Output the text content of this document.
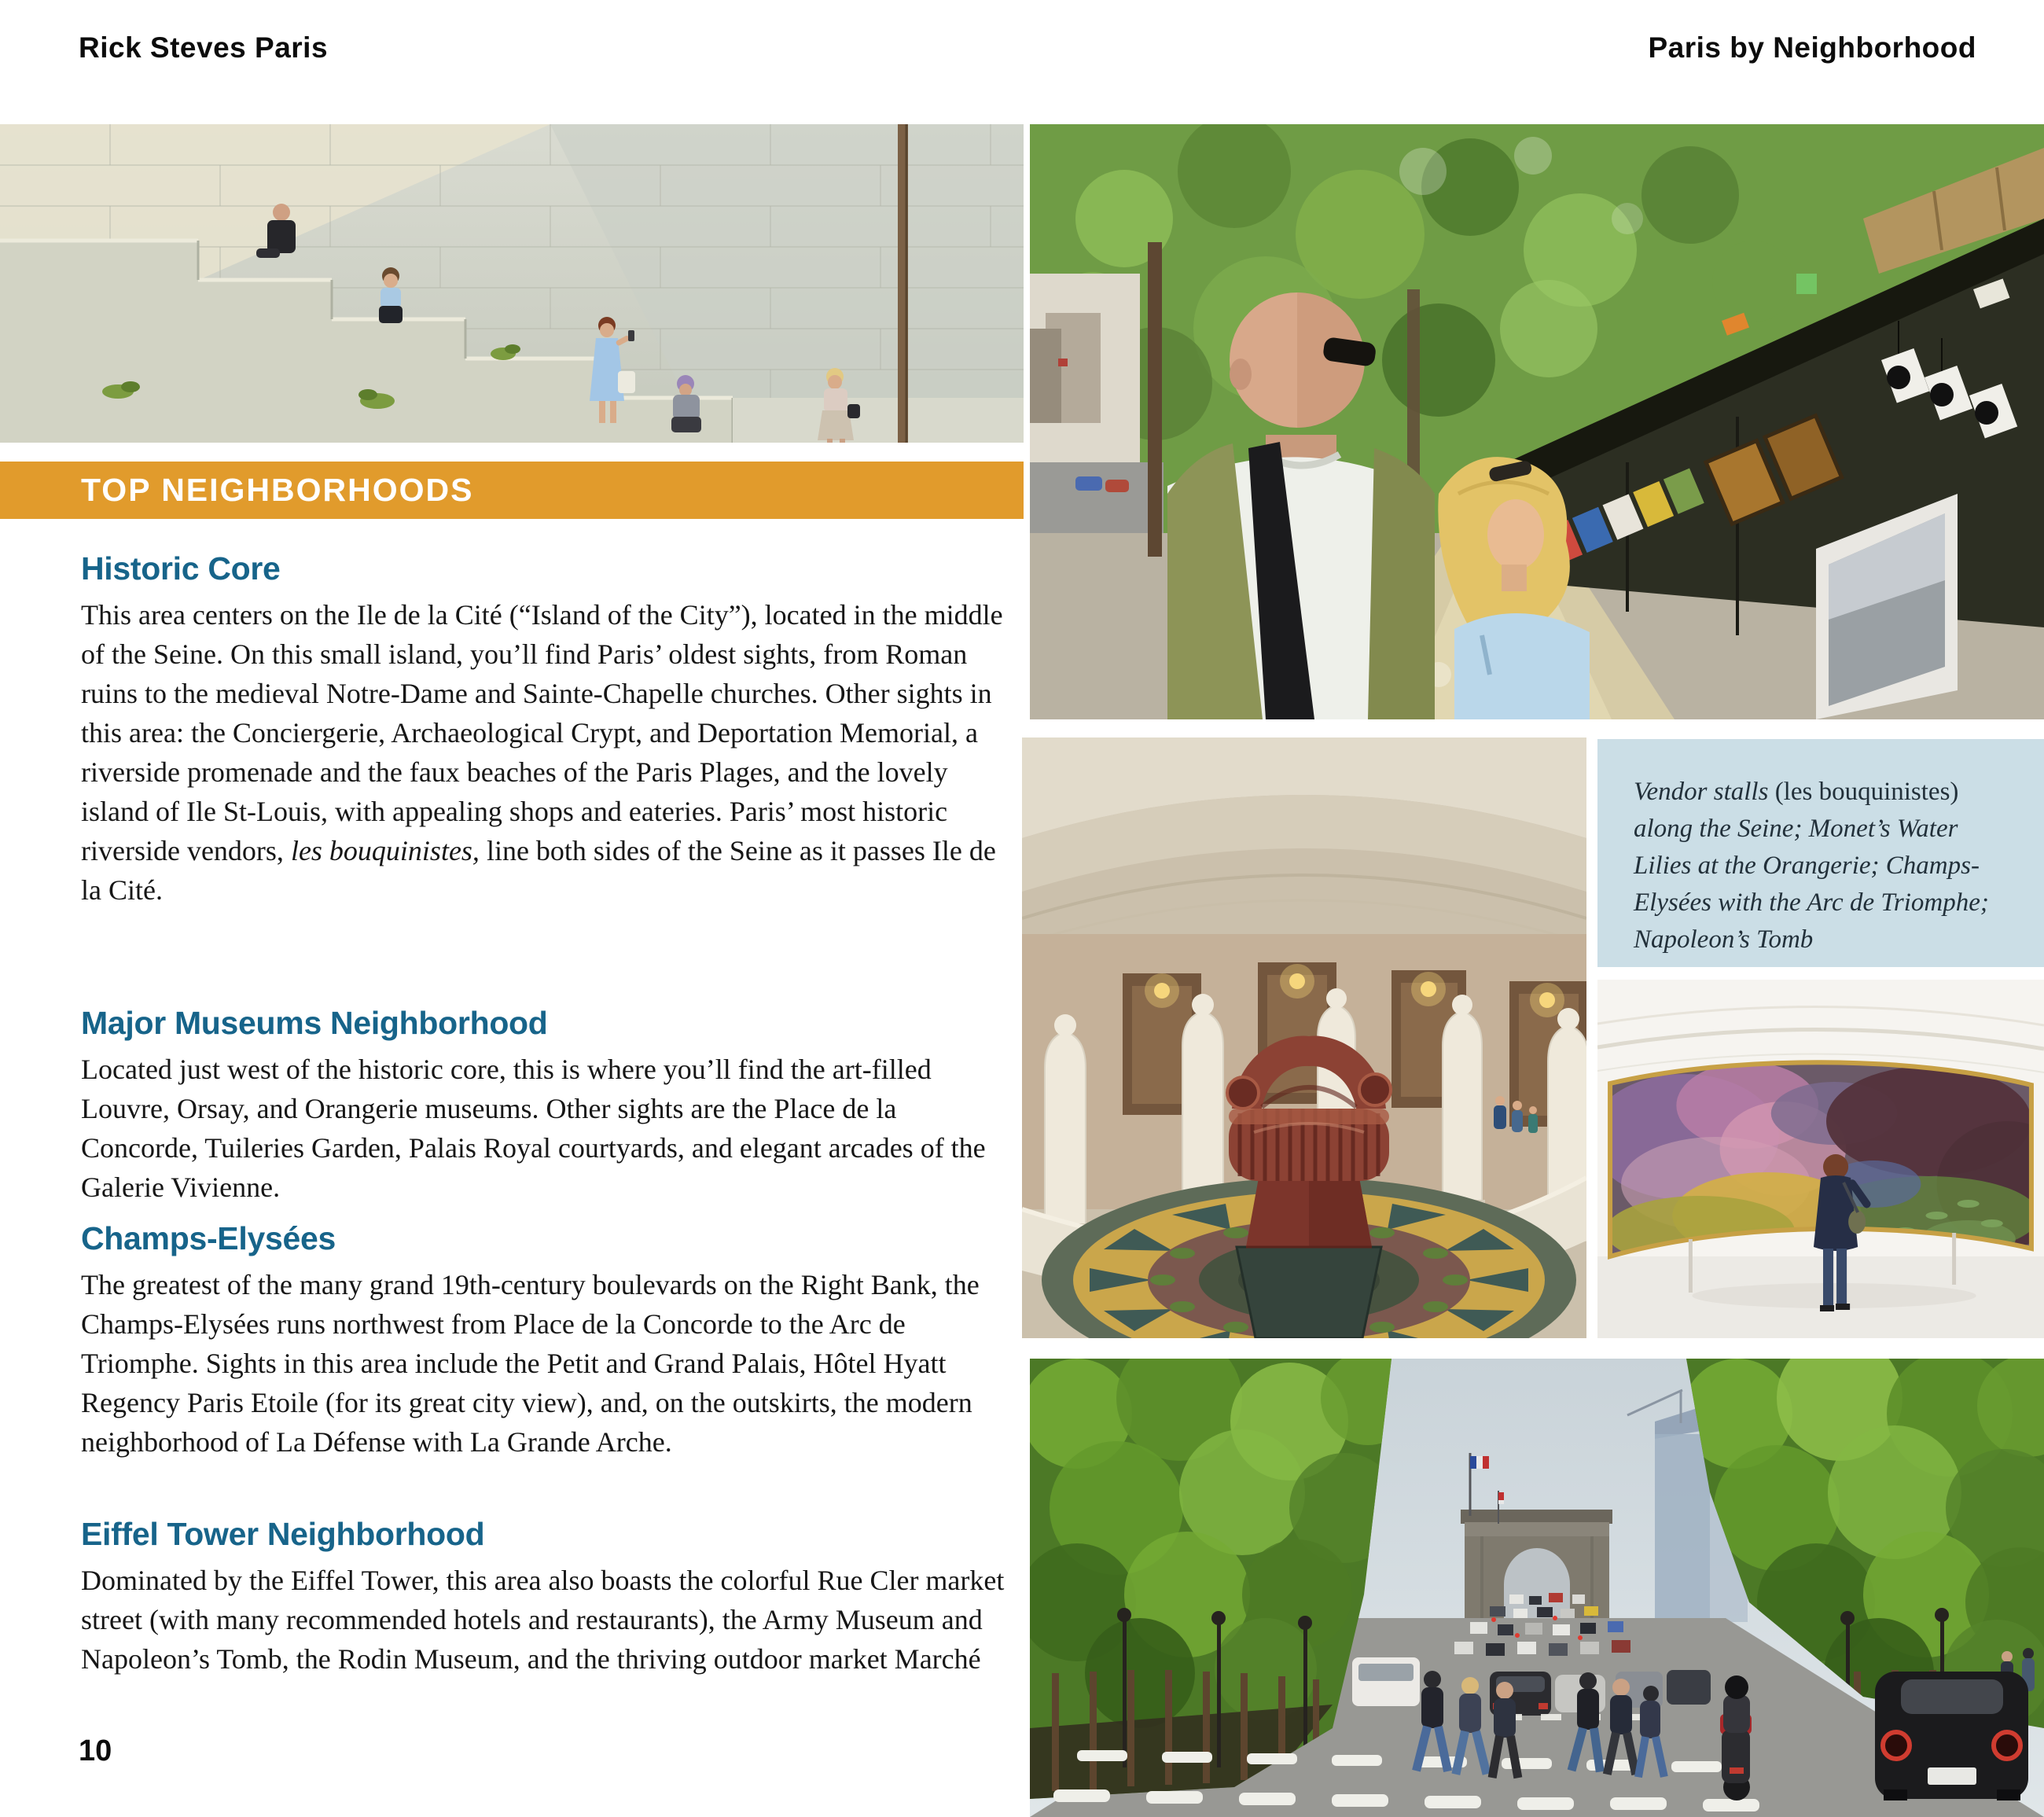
Rick Steves Paris	Paris by Neighborhood
TOP NEIGHBORHOODS
Historic Core

This area centers on the Ile de la Cité (“Island of the City”), located in the middle of the Seine. On this small island, you’ll find Paris’ oldest sights, from Roman ruins to the medieval Notre-Dame and Sainte-Chapelle churches. Other sights in this area: the Conciergerie, Archaeological Crypt, and Deportation Memorial, a riverside promenade and the faux beaches of the Paris Plages, and the lovely island of Ile St-Louis, with appealing shops and eateries. Paris’ most historic riverside vendors, les bouquinistes, line both sides of the Seine as it passes Ile de la Cité.

Major Museums Neighborhood

Located just west of the historic core, this is where you’ll find the art-filled Louvre, Orsay, and Orangerie museums. Other sights are the Place de la Concorde, Tuileries Garden, Palais Royal courtyards, and elegant arcades of the Galerie Vivienne.

Champs-Elysées

The greatest of the many grand 19th-century boulevards on the Right Bank, the Champs-Elysées runs northwest from Place de la Concorde to the Arc de Triomphe. Sights in this area include the Petit and Grand Palais, Hôtel Hyatt Regency Paris Etoile (for its great city view), and, on the outskirts, the modern neighborhood of La Défense with La Grande Arche.

Eiffel Tower Neighborhood

Dominated by the Eiffel Tower, this area also boasts the colorful Rue Cler market street (with many recommended hotels and restaurants), the Army Museum and Napoleon’s Tomb, the Rodin Museum, and the thriving outdoor market Marché

Vendor stalls (les bouquinistes) along the Seine; Monet’s Water Lilies at the Orangerie; Champs-Elysées with the Arc de Triomphe; Napoleon’s Tomb

10
